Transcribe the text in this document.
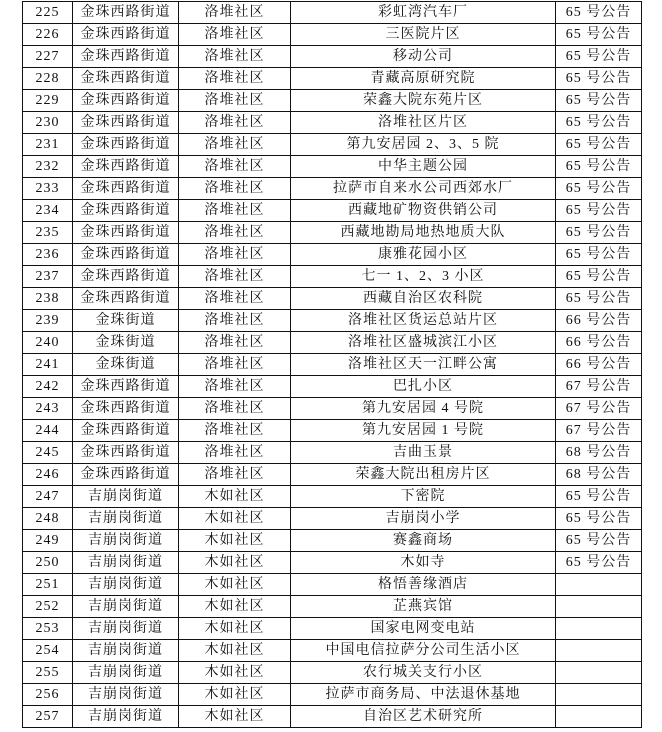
225	金珠西路街道	洛堆社区	彩虹湾汽车厂	65 号公告
226	金珠西路街道	洛堆社区	三医院片区	65 号公告
227	金珠西路街道	洛堆社区	移动公司	65 号公告
228	金珠西路街道	洛堆社区	青藏高原研究院	65 号公告
229	金珠西路街道	洛堆社区	荣鑫大院东苑片区	65 号公告
230	金珠西路街道	洛堆社区	洛堆社区片区	65 号公告
231	金珠西路街道	洛堆社区	第九安居园 2、3、5 院	65 号公告
232	金珠西路街道	洛堆社区	中华主题公园	65 号公告
233	金珠西路街道	洛堆社区	拉萨市自来水公司西郊水厂	65 号公告
234	金珠西路街道	洛堆社区	西藏地矿物资供销公司	65 号公告
235	金珠西路街道	洛堆社区	西藏地勘局地热地质大队	65 号公告
236	金珠西路街道	洛堆社区	康雅花园小区	65 号公告
237	金珠西路街道	洛堆社区	七一 1、2、3 小区	65 号公告
238	金珠西路街道	洛堆社区	西藏自治区农科院	65 号公告
239	金珠街道	洛堆社区	洛堆社区货运总站片区	66 号公告
240	金珠街道	洛堆社区	洛堆社区盛城滨江小区	66 号公告
241	金珠街道	洛堆社区	洛堆社区天一江畔公寓	66 号公告
242	金珠西路街道	洛堆社区	巴扎小区	67 号公告
243	金珠西路街道	洛堆社区	第九安居园 4 号院	67 号公告
244	金珠西路街道	洛堆社区	第九安居园 1 号院	67 号公告
245	金珠西路街道	洛堆社区	吉曲玉景	68 号公告
246	金珠西路街道	洛堆社区	荣鑫大院出租房片区	68 号公告
247	吉崩岗街道	木如社区	下密院	65 号公告
248	吉崩岗街道	木如社区	吉崩岗小学	65 号公告
249	吉崩岗街道	木如社区	赛鑫商场	65 号公告
250	吉崩岗街道	木如社区	木如寺	65 号公告
251	吉崩岗街道	木如社区	格悟善缘酒店	
252	吉崩岗街道	木如社区	芷燕宾馆	
253	吉崩岗街道	木如社区	国家电网变电站	
254	吉崩岗街道	木如社区	中国电信拉萨分公司生活小区	
255	吉崩岗街道	木如社区	农行城关支行小区	
256	吉崩岗街道	木如社区	拉萨市商务局、中法退休基地	
257	吉崩岗街道	木如社区	自治区艺术研究所	
